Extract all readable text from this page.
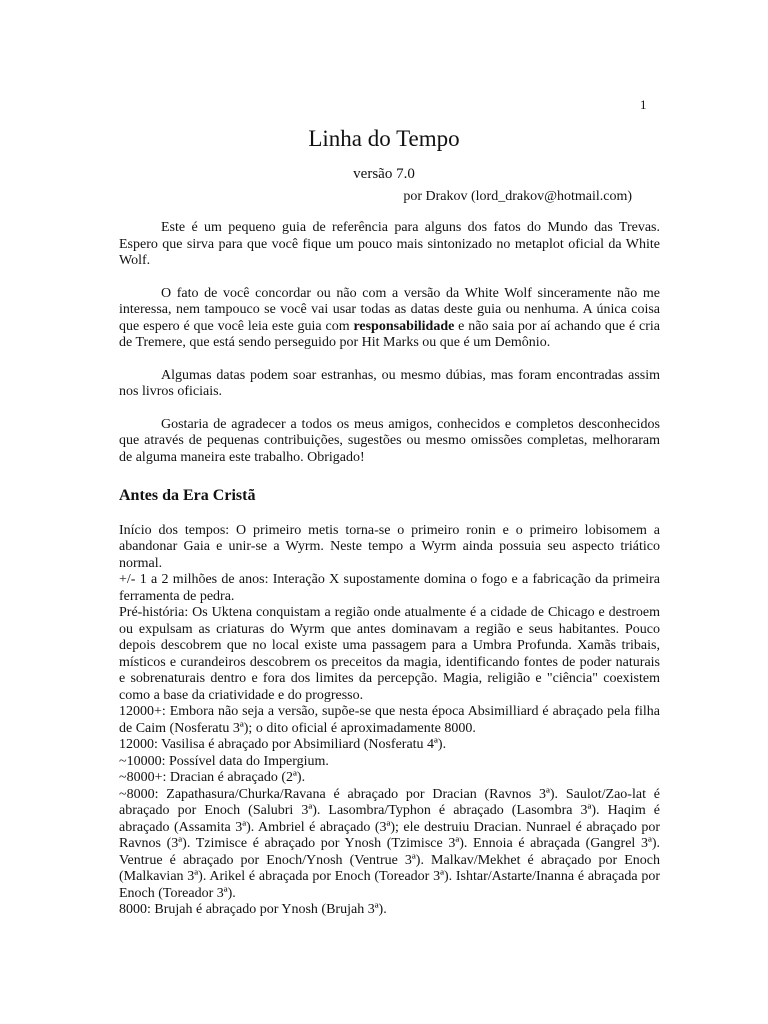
1
Linha do Tempo
versão 7.0
por Drakov (lord_drakov@hotmail.com)

Este é um pequeno guia de referência para alguns dos fatos do Mundo das Trevas. Espero que sirva para que você fique um pouco mais sintonizado no metaplot oficial da White Wolf.

O fato de você concordar ou não com a versão da White Wolf sinceramente não me interessa, nem tampouco se você vai usar todas as datas deste guia ou nenhuma. A única coisa que espero é que você leia este guia com responsabilidade e não saia por aí achando que é cria de Tremere, que está sendo perseguido por Hit Marks ou que é um Demônio.

Algumas datas podem soar estranhas, ou mesmo dúbias, mas foram encontradas assim nos livros oficiais.

Gostaria de agradecer a todos os meus amigos, conhecidos e completos desconhecidos que através de pequenas contribuições, sugestões ou mesmo omissões completas, melhoraram de alguma maneira este trabalho. Obrigado!

Antes da Era Cristã

Início dos tempos: O primeiro metis torna-se o primeiro ronin e o primeiro lobisomem a abandonar Gaia e unir-se a Wyrm. Neste tempo a Wyrm ainda possuia seu aspecto triático normal.

+/- 1 a 2 milhões de anos: Interação X supostamente domina o fogo e a fabricação da primeira ferramenta de pedra.

Pré-história: Os Uktena conquistam a região onde atualmente é a cidade de Chicago e destroem ou expulsam as criaturas do Wyrm que antes dominavam a região e seus habitantes. Pouco depois descobrem que no local existe uma passagem para a Umbra Profunda. Xamãs tribais, místicos e curandeiros descobrem os preceitos da magia, identificando fontes de poder naturais e sobrenaturais dentro e fora dos limites da percepção. Magia, religião e "ciência" coexistem como a base da criatividade e do progresso.

12000+: Embora não seja a versão, supõe-se que nesta época Absimilliard é abraçado pela filha de Caim (Nosferatu 3ª); o dito oficial é aproximadamente 8000.

12000: Vasilisa é abraçado por Absimiliard (Nosferatu 4ª).

~10000: Possível data do Impergium.

~8000+: Dracian é abraçado (2ª).

~8000: Zapathasura/Churka/Ravana é abraçado por Dracian (Ravnos 3ª). Saulot/Zao-lat é abraçado por Enoch (Salubri 3ª). Lasombra/Typhon é abraçado (Lasombra 3ª). Haqim é abraçado (Assamita 3ª). Ambriel é abraçado (3ª); ele destruiu Dracian. Nunrael é abraçado por Ravnos (3ª). Tzimisce é abraçado por Ynosh (Tzimisce 3ª). Ennoia é abraçada (Gangrel 3ª). Ventrue é abraçado por Enoch/Ynosh (Ventrue 3ª). Malkav/Mekhet é abraçado por Enoch (Malkavian 3ª). Arikel é abraçada por Enoch (Toreador 3ª). Ishtar/Astarte/Inanna é abraçada por Enoch (Toreador 3ª).

8000: Brujah é abraçado por Ynosh (Brujah 3ª).
